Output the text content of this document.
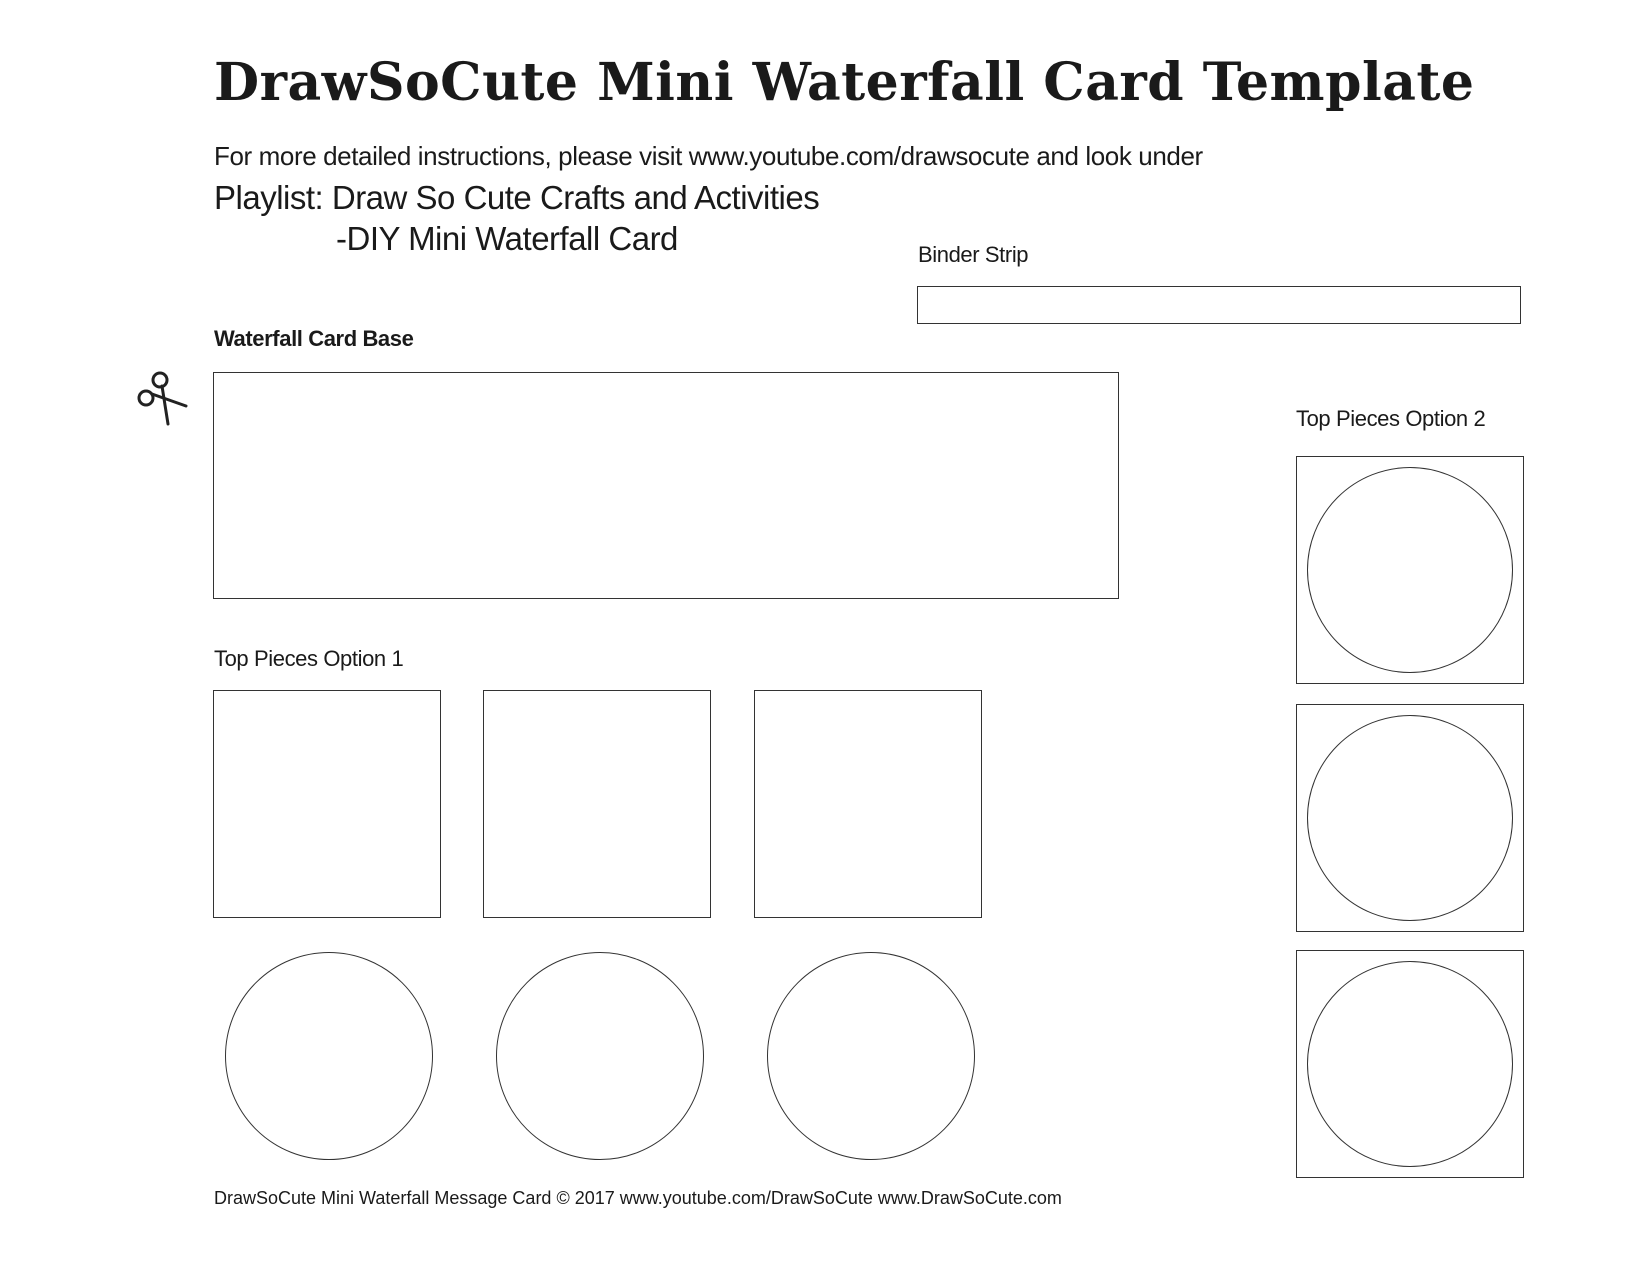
DrawSoCute Mini Waterfall Card Template
For more detailed instructions, please visit www.youtube.com/drawsocute and look under
Playlist: Draw So Cute Crafts and Activities
-DIY Mini Waterfall Card	Binder Strip
Waterfall Card Base
Top Pieces Option 1
Top Pieces Option 2
DrawSoCute Mini Waterfall Message Card © 2017 www.youtube.com/DrawSoCute www.DrawSoCute.com
